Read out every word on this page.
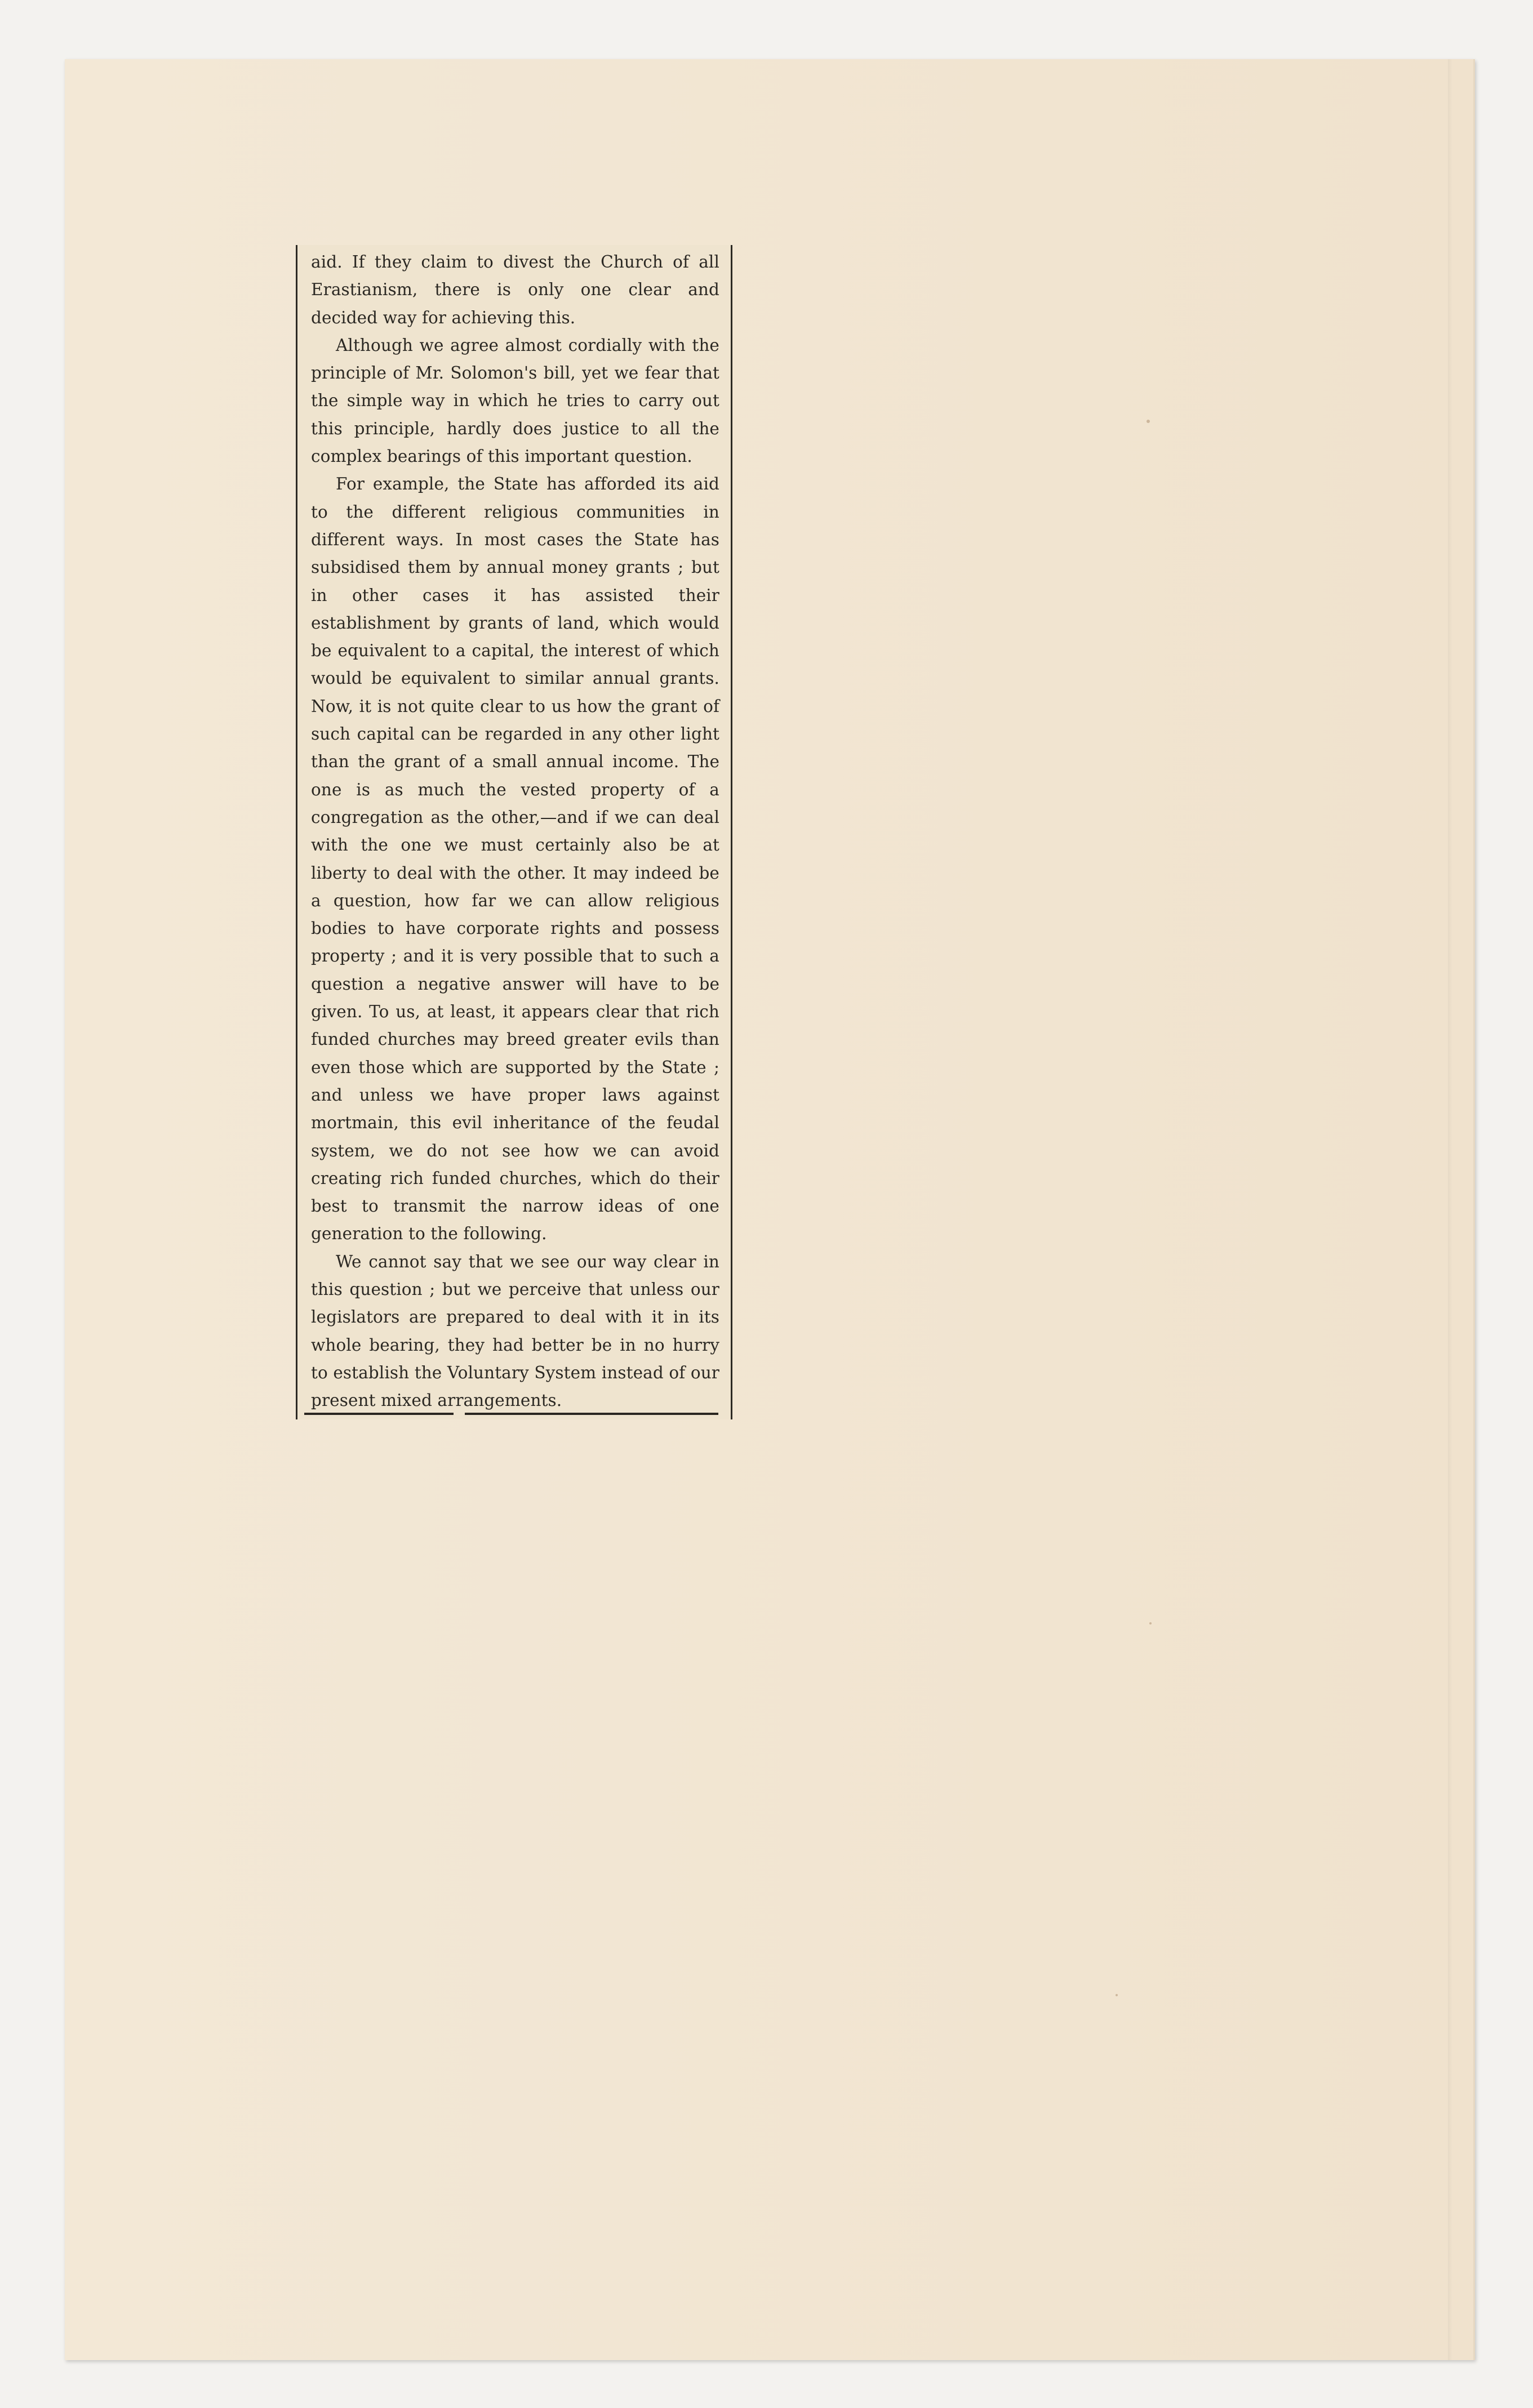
aid. If they claim to divest the Church of all Erastianism, there is only one clear and decided way for achieving this.

Although we agree almost cordially with the principle of Mr. Solomon's bill, yet we fear that the simple way in which he tries to carry out this principle, hardly does justice to all the complex bearings of this important question.

For example, the State has afforded its aid to the different religious communities in different ways. In most cases the State has subsidised them by annual money grants ; but in other cases it has assisted their establishment by grants of land, which would be equivalent to a capital, the interest of which would be equivalent to similar annual grants. Now, it is not quite clear to us how the grant of such capital can be regarded in any other light than the grant of a small annual income. The one is as much the vested property of a congregation as the other,—and if we can deal with the one we must certainly also be at liberty to deal with the other. It may indeed be a question, how far we can allow religious bodies to have corporate rights and possess property ; and it is very possible that to such a question a negative answer will have to be given. To us, at least, it appears clear that rich funded churches may breed greater evils than even those which are supported by the State ; and unless we have proper laws against mortmain, this evil inheritance of the feudal system, we do not see how we can avoid creating rich funded churches, which do their best to transmit the narrow ideas of one generation to the following.

We cannot say that we see our way clear in this question ; but we perceive that unless our legislators are prepared to deal with it in its whole bearing, they had better be in no hurry to establish the Voluntary System instead of our present mixed arrangements.
